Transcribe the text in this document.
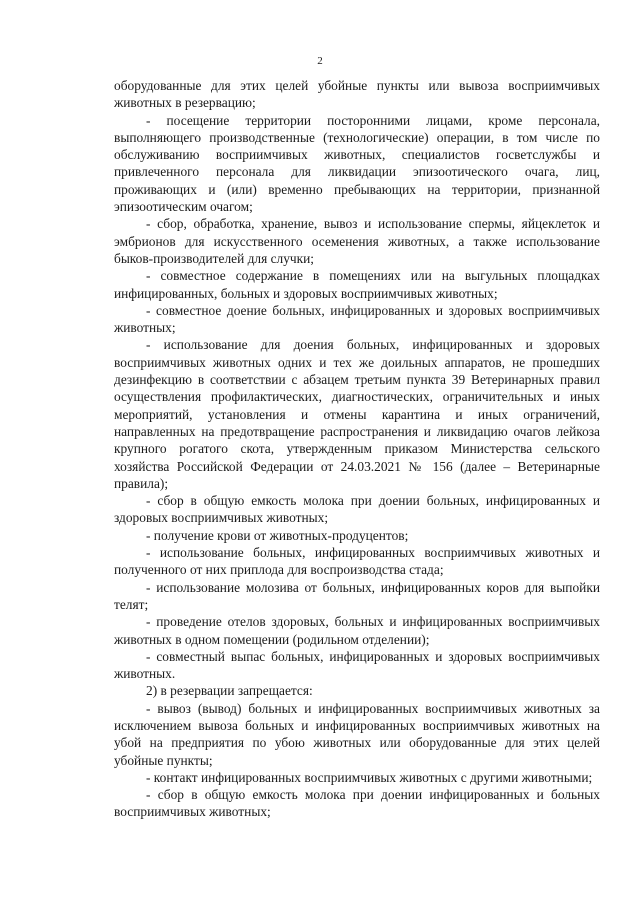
2

оборудованные для этих целей убойные пункты или вывоза восприимчивых животных в резервацию;

- посещение территории посторонними лицами, кроме персонала, выполняющего производственные (технологические) операции, в том числе по обслуживанию восприимчивых животных, специалистов госветслужбы и привлеченного персонала для ликвидации эпизоотического очага, лиц, проживающих и (или) временно пребывающих на территории, признанной эпизоотическим очагом;

- сбор, обработка, хранение, вывоз и использование спермы, яйцеклеток и эмбрионов для искусственного осеменения животных, а также использование быков-производителей для случки;

- совместное содержание в помещениях или на выгульных площадках инфицированных, больных и здоровых восприимчивых животных;

- совместное доение больных, инфицированных и здоровых восприимчивых животных;

- использование для доения больных, инфицированных и здоровых восприимчивых животных одних и тех же доильных аппаратов, не прошедших дезинфекцию в соответствии с абзацем третьим пункта 39 Ветеринарных правил осуществления профилактических, диагностических, ограничительных и иных мероприятий, установления и отмены карантина и иных ограничений, направленных на предотвращение распространения и ликвидацию очагов лейкоза крупного рогатого скота, утвержденным приказом Министерства сельского хозяйства Российской Федерации от 24.03.2021 № 156 (далее – Ветеринарные правила);

- сбор в общую емкость молока при доении больных, инфицированных и здоровых восприимчивых животных;

- получение крови от животных-продуцентов;

- использование больных, инфицированных восприимчивых животных и полученного от них приплода для воспроизводства стада;

- использование молозива от больных, инфицированных коров для выпойки телят;

- проведение отелов здоровых, больных и инфицированных восприимчивых животных в одном помещении (родильном отделении);

- совместный выпас больных, инфицированных и здоровых восприимчивых животных.

2) в резервации запрещается:

- вывоз (вывод) больных и инфицированных восприимчивых животных за исключением вывоза больных и инфицированных восприимчивых животных на убой на предприятия по убою животных или оборудованные для этих целей убойные пункты;

- контакт инфицированных восприимчивых животных с другими животными;

- сбор в общую емкость молока при доении инфицированных и больных восприимчивых животных;
